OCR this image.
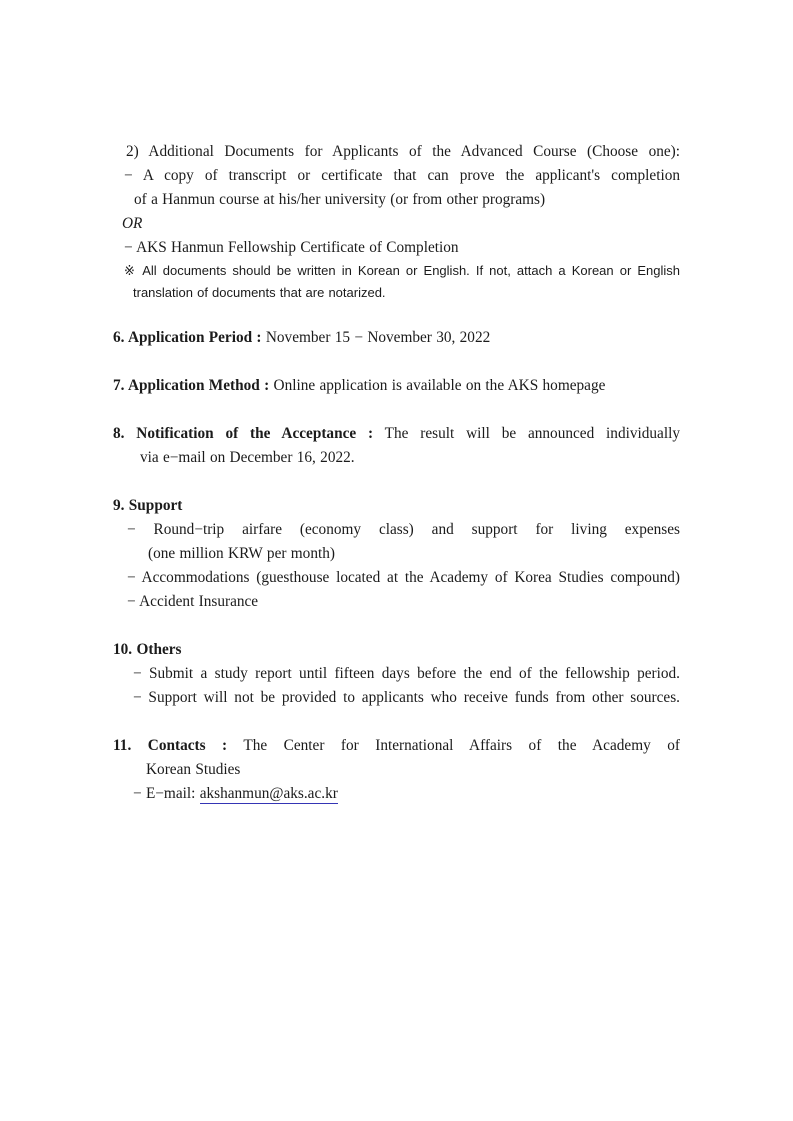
2) Additional Documents for Applicants of the Advanced Course (Choose one):
− A copy of transcript or certificate that can prove the applicant's completion
of a Hanmun course at his/her university (or from other programs)
OR
− AKS Hanmun Fellowship Certificate of Completion
※ All documents should be written in Korean or English. If not, attach a Korean or English
translation of documents that are notarized.
6. Application Period : November 15 − November 30, 2022
7. Application Method : Online application is available on the AKS homepage
8. Notification of the Acceptance : The result will be announced individually
via e−mail on December 16, 2022.
9. Support
− Round−trip airfare (economy class) and support for living expenses
(one million KRW per month)
− Accommodations (guesthouse located at the Academy of Korea Studies compound)
− Accident Insurance
10. Others
− Submit a study report until fifteen days before the end of the fellowship period.
− Support will not be provided to applicants who receive funds from other sources.
11. Contacts : The Center for International Affairs of the Academy of
Korean Studies
− E−mail: akshanmun@aks.ac.kr
